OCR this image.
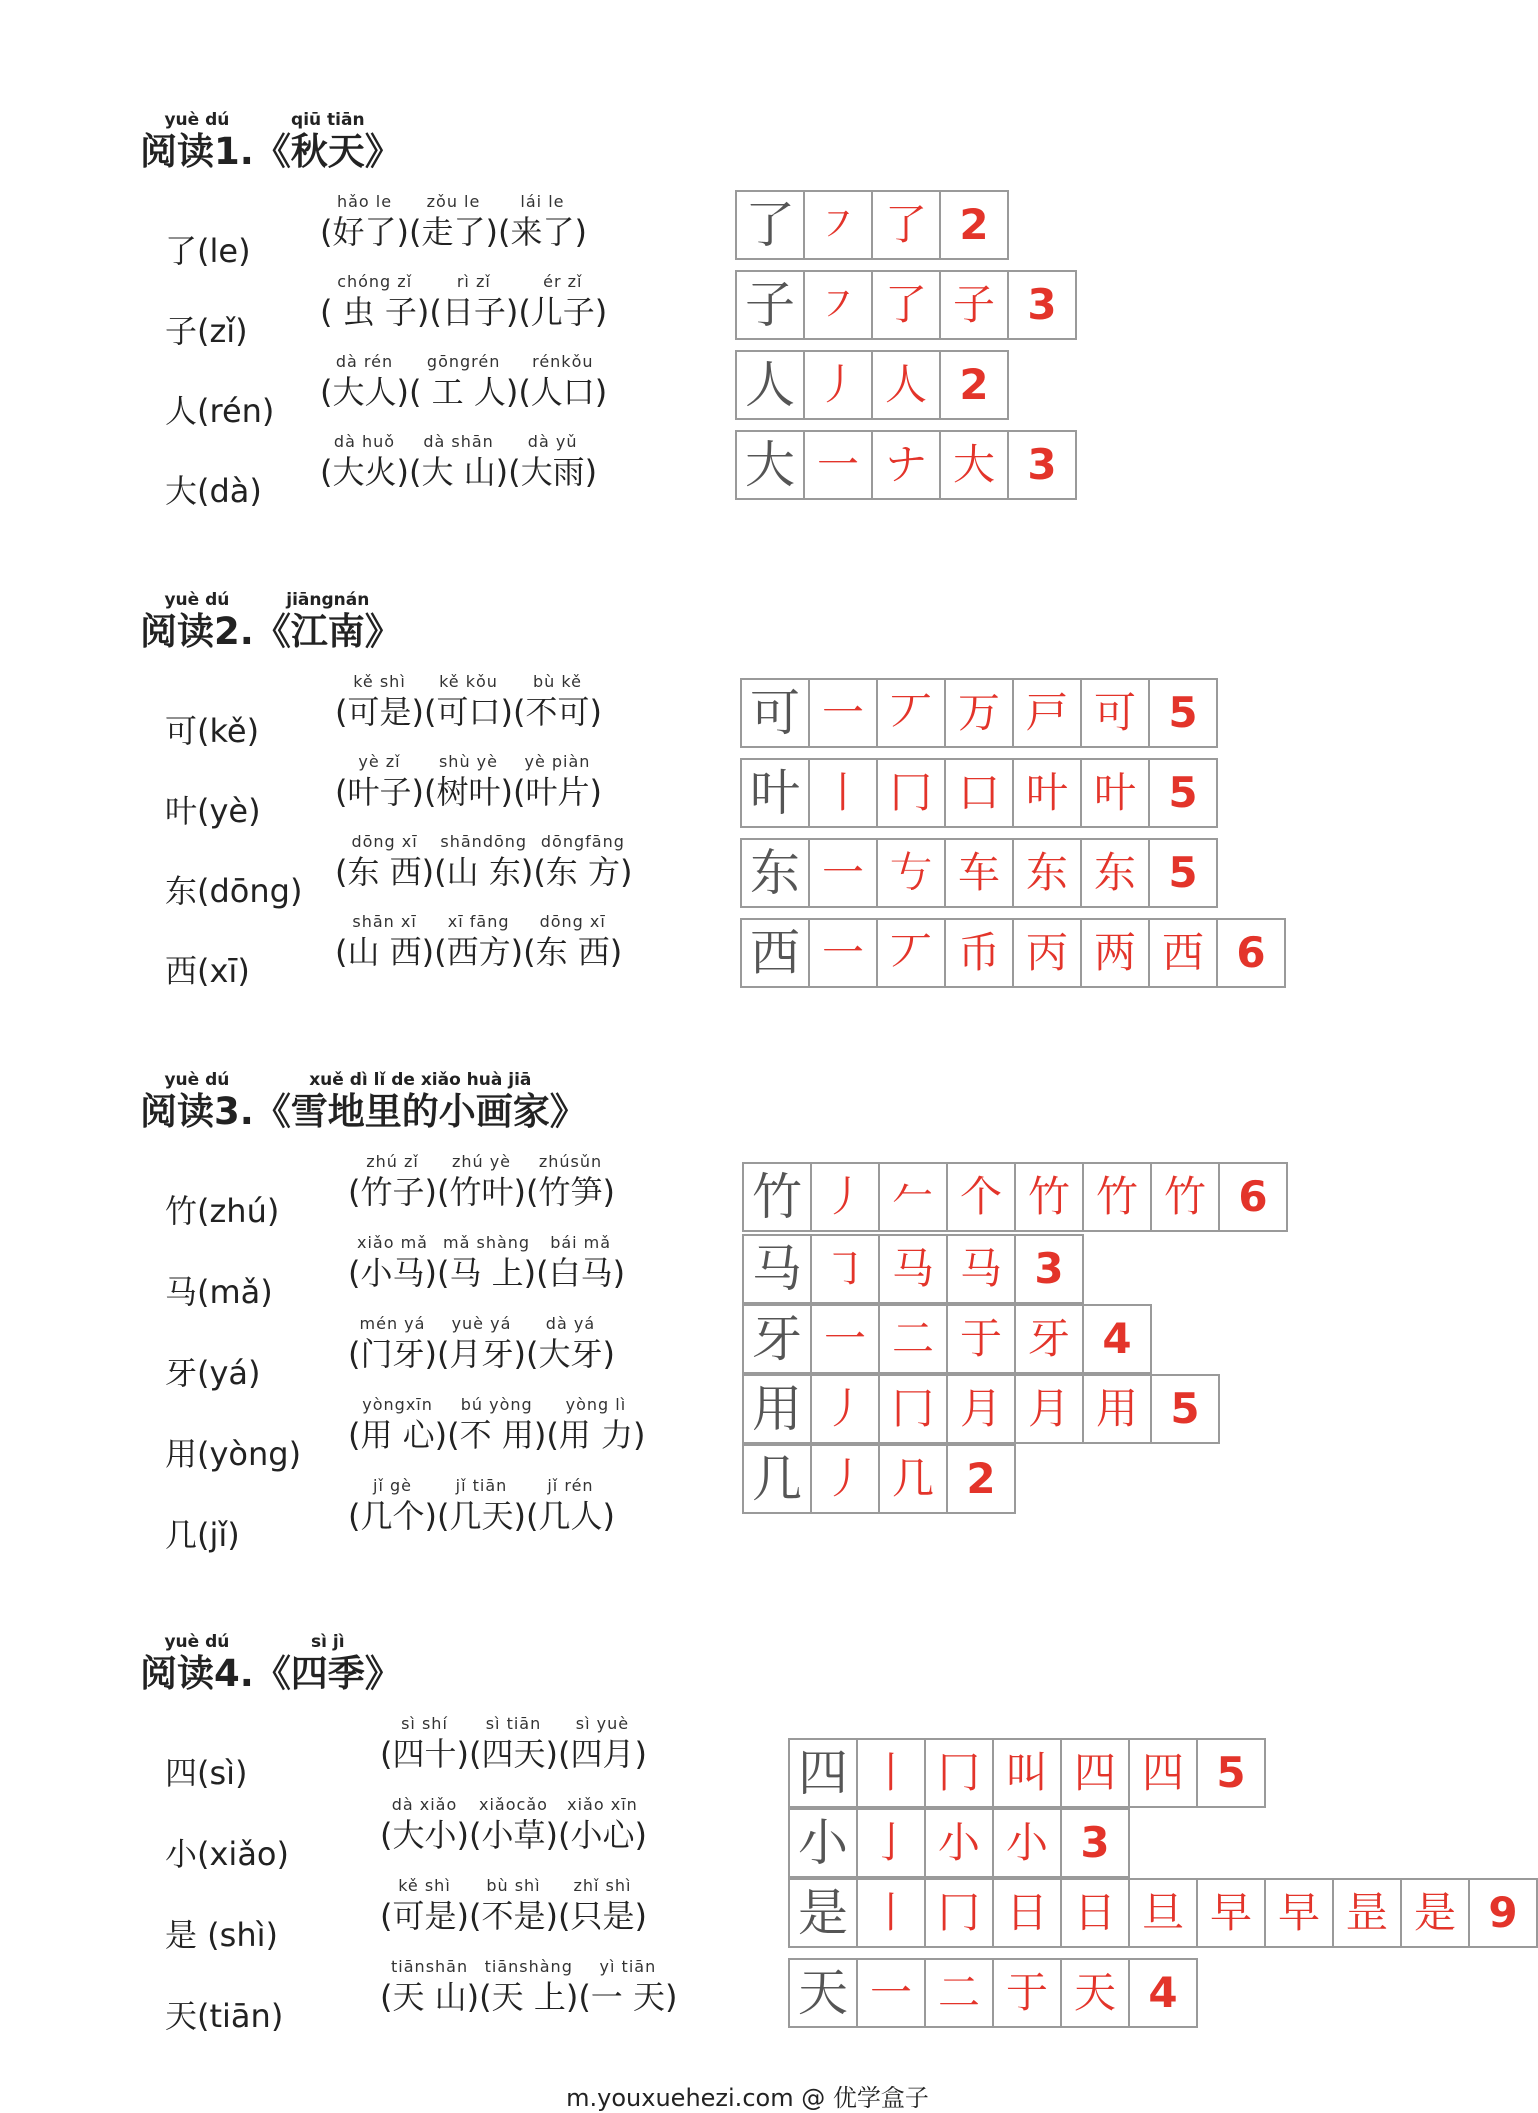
yuè dú
阅读1.
qiū tiān
《秋天》
了(le)
hǎo le
(好了)
zǒu le
(走了)
lái le
(来了)	了 ㇇ 了 2
子(zǐ)
chóng zǐ
( 虫 子)
rì zǐ
(日子)
ér zǐ
(儿子)	子 ㇇ 了 子 3
人(rén)
dà rén
(大人)
gōngrén
( 工 人)
rénkǒu
(人口)	人 丿 人 2
大(dà)
dà huǒ
(大火)
dà shān
(大 山)
dà yǔ
(大雨)	大 一 ナ 大 3
yuè dú
阅读2.
jiāngnán
《江南》
可(kě)
kě shì
(可是)
kě kǒu
(可口)
bù kě
(不可)	可 一 丆 万 戸 可 5
叶(yè)
yè zǐ
(叶子)
shù yè
(树叶)
yè piàn
(叶片)	叶 丨 冂 口 叶 叶 5
东(dōng)
dōng xī
(东 西)
shāndōng
(山 东)
dōngfāng
(东 方) 东 一 𠀁 车 东 东 5
西(xī)
shān xī
(山 西)
xī fāng
(西方)
dōng xī
(东 西)	西 一 丆 币 丙 两 西 6
yuè dú
阅读3.
xuě dì lǐ de xiǎo huà jiā
《雪地里的小画家》
竹(zhú)
zhú zǐ
(竹子)
zhú yè
(竹叶)
zhúsǔn
(竹笋)	竹 丿 𠂉 个 竹 竹 竹 6
马(mǎ)
xiǎo mǎ
(小马)
mǎ shàng
(马 上)
bái mǎ
(白马)	马 ㇆ 马 马 3
牙(yá)
mén yá
(门牙)
yuè yá
(月牙)
dà yá
(大牙)	牙 一 二 于 牙 4
用(yòng)
yòngxīn
(用 心)
bú yòng
(不 用)
yòng lì
(用 力) 用 丿 冂 月 月 用 5
几(jǐ)
jǐ gè
(几个)
jǐ tiān
(几天)
jǐ rén
(几人)
几 丿 几 2
yuè dú
阅读4.
sì jì
《四季》
四(sì)
sì shí
(四十)
sì tiān
(四天)
sì yuè
(四月)	四 丨 冂 叫 四 四 5
小(xiǎo)
dà xiǎo
(大小)
xiǎocǎo
(小草)
xiǎo xīn
(小心)	小 亅 小 小 3
是 (shì)
kě shì
(可是)
bù shì
(不是)
zhǐ shì
(只是)	是 丨 冂 日 日 旦 早 早 昰 是 9
天(tiān)
tiānshān
(天 山)
tiānshàng
(天 上)
yì tiān
(一 天) 天 一 二 于 天 4
m.youxuehezi.com @ 优学盒子
